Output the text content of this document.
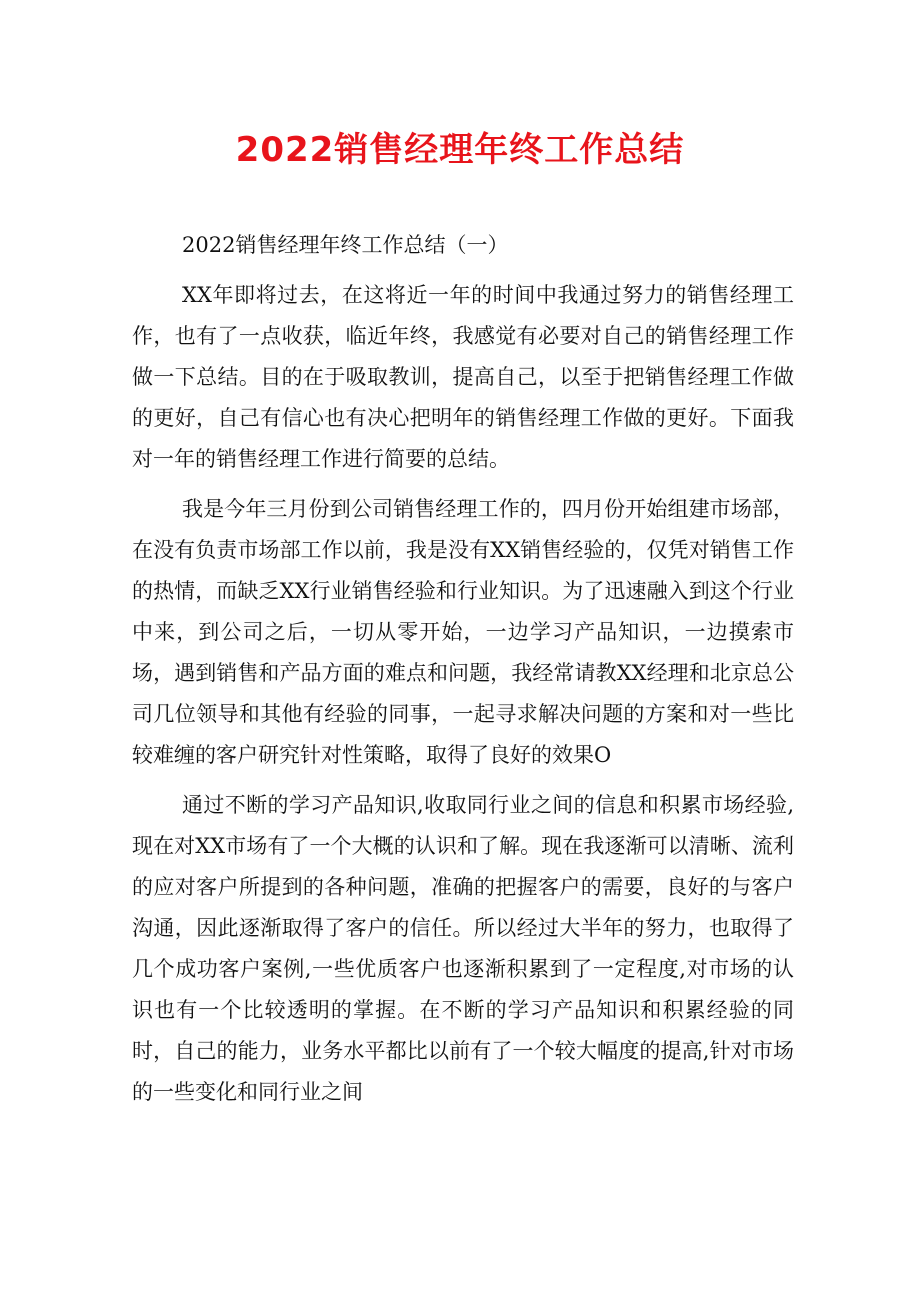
2022销售经理年终工作总结

2022销售经理年终工作总结（一）

XX年即将过去，在这将近一年的时间中我通过努力的销售经理工作，也有了一点收获，临近年终，我感觉有必要对自己的销售经理工作做一下总结。目的在于吸取教训，提高自己，以至于把销售经理工作做的更好，自己有信心也有决心把明年的销售经理工作做的更好。下面我对一年的销售经理工作进行简要的总结。

我是今年三月份到公司销售经理工作的，四月份开始组建市场部，在没有负责市场部工作以前，我是没有XX销售经验的，仅凭对销售工作的热情，而缺乏XX行业销售经验和行业知识。为了迅速融入到这个行业中来，到公司之后，一切从零开始，一边学习产品知识，一边摸索市场，遇到销售和产品方面的难点和问题，我经常请教XX经理和北京总公司几位领导和其他有经验的同事，一起寻求解决问题的方案和对一些比较难缠的客户研究针对性策略，取得了良好的效果O

通过不断的学习产品知识,收取同行业之间的信息和积累市场经验,现在对XX市场有了一个大概的认识和了解。现在我逐渐可以清晰、流利的应对客户所提到的各种问题，准确的把握客户的需要，良好的与客户沟通，因此逐渐取得了客户的信任。所以经过大半年的努力，也取得了几个成功客户案例,一些优质客户也逐渐积累到了一定程度,对市场的认识也有一个比较透明的掌握。在不断的学习产品知识和积累经验的同时，自己的能力，业务水平都比以前有了一个较大幅度的提高,针对市场的一些变化和同行业之间
